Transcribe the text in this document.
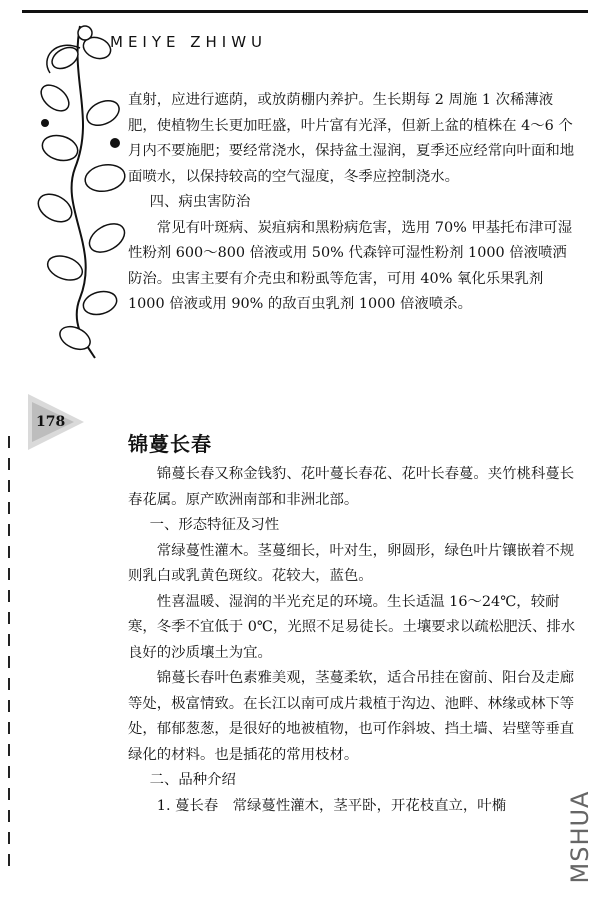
MEIYE ZHIWU

直射，应进行遮荫，或放荫棚内养护。生长期每 2 周施 1 次稀薄液肥，使植物生长更加旺盛，叶片富有光泽，但新上盆的植株在 4～6 个月内不要施肥；要经常浇水，保持盆土湿润，夏季还应经常向叶面和地面喷水，以保持较高的空气湿度，冬季应控制浇水。

四、病虫害防治

常见有叶斑病、炭疽病和黑粉病危害，选用 70% 甲基托布津可湿性粉剂 600～800 倍液或用 50% 代森锌可湿性粉剂 1000 倍液喷洒防治。虫害主要有介壳虫和粉虱等危害，可用 40% 氧化乐果乳剂 1000 倍液或用 90% 的敌百虫乳剂 1000 倍液喷杀。

178
锦蔓长春

锦蔓长春又称金钱豹、花叶蔓长春花、花叶长春蔓。夹竹桃科蔓长春花属。原产欧洲南部和非洲北部。

一、形态特征及习性

常绿蔓性灌木。茎蔓细长，叶对生，卵圆形，绿色叶片镶嵌着不规则乳白或乳黄色斑纹。花较大，蓝色。

性喜温暖、湿润的半光充足的环境。生长适温 16～24℃，较耐寒，冬季不宜低于 0℃，光照不足易徒长。土壤要求以疏松肥沃、排水良好的沙质壤土为宜。

锦蔓长春叶色素雅美观，茎蔓柔软，适合吊挂在窗前、阳台及走廊等处，极富情致。在长江以南可成片栽植于沟边、池畔、林缘或林下等处，郁郁葱葱，是很好的地被植物，也可作斜坡、挡土墙、岩壁等垂直绿化的材料。也是插花的常用枝材。

二、品种介绍

1. 蔓长春　常绿蔓性灌木，茎平卧，开花枝直立，叶椭	MSHUA
